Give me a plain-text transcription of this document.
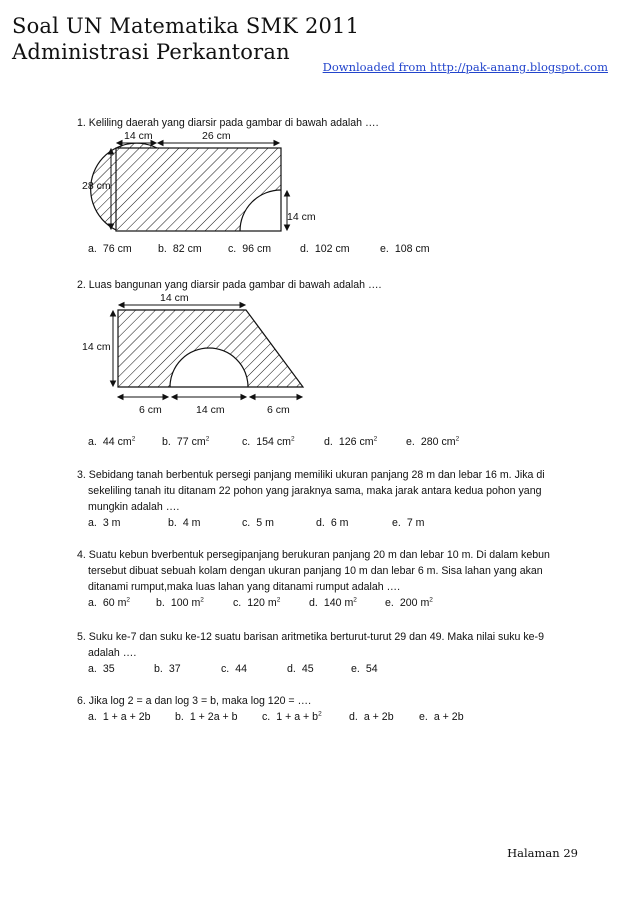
Soal UN Matematika SMK 2011
Administrasi Perkantoran
Downloaded from http://pak-anang.blogspot.com
14 cm	26 cm
28 cm
14 cm
14 cm
14 cm
6 cm	14 cm	6 cm
1. Keliling daerah yang diarsir pada gambar di bawah adalah ….
a. 76 cm	b. 82 cm	c. 96 cm	d. 102 cm	e. 108 cm
2. Luas bangunan yang diarsir pada gambar di bawah adalah ….
a. 44 $cm^2$	b. 77 $cm^2$	c. 154 $cm^2$	d. 126 $cm^2$	e. 280 $cm^2$
3. Sebidang tanah berbentuk persegi panjang memiliki ukuran panjang 28 m dan lebar 16 m. Jika di
sekeliling tanah itu ditanam 22 pohon yang jaraknya sama, maka jarak antara kedua pohon yang
mungkin adalah ….
a. 3 m	b. 4 m	c. 5 m	d. 6 m	e. 7 m
4. Suatu kebun bverbentuk persegipanjang berukuran panjang 20 m dan lebar 10 m. Di dalam kebun
tersebut dibuat sebuah kolam dengan ukuran panjang 10 m dan lebar 6 m. Sisa lahan yang akan
ditanami rumput,maka luas lahan yang ditanami rumput adalah ….
a. 60 $m^2$	b. 100 $m^2$	c. 120 $m^2$	d. 140 $m^2$	e. 200 $m^2$
5. Suku ke-7 dan suku ke-12 suatu barisan aritmetika berturut-turut 29 dan 49. Maka nilai suku ke-9
adalah ….
a. 35	b. 37	c. 44	d. 45	e. 54
6. Jika log 2 = a dan log 3 = b, maka log 120 = ….
a. 1 + a + 2b	b. 1 + 2a + b	c. $1 + a + b^2$	d. a + 2b	e. a + 2b
Halaman 29
